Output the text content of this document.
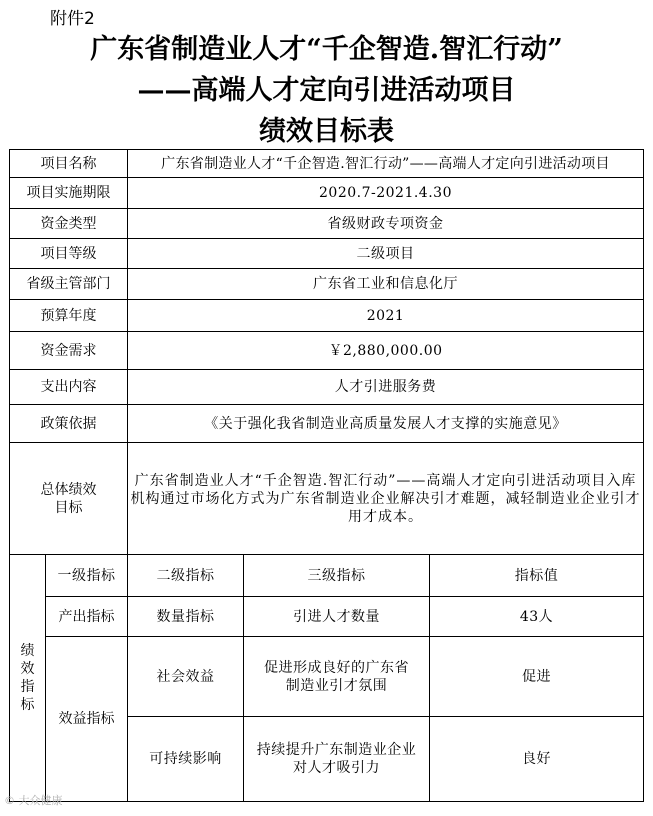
附件2
广东省制造业人才“千企智造.智汇行动”
——高端人才定向引进活动项目
绩效目标表
项目名称		广东省制造业人才“千企智造.智汇行动”——高端人才定向引进活动项目		
项目实施期限		2020.7-2021.4.30		
资金类型		省级财政专项资金		
项目等级		二级项目		
省级主管部门		广东省工业和信息化厅		
预算年度		2021		
资金需求		￥2,880,000.00		
支出内容		人才引进服务费		
政策依据		《关于强化我省制造业高质量发展人才支撑的实施意见》		

总体绩效
目标		广东省制造业人才“千企智造.智汇行动”——高端人才定向引进活动项目入库机构通过市场化方式为广东省制造业企业解决引才难题，减轻制造业企业引才用才成本。		

绩
效
指
标	一级指标	二级指标	三级指标	指标值
	产出指标	数量指标	引进人才数量	43人
	效益指标	社会效益	促进形成良好的广东省
制造业引才氛围	促进
		可持续影响	持续提升广东制造业企业
对人才吸引力	良好
© 大众健康
